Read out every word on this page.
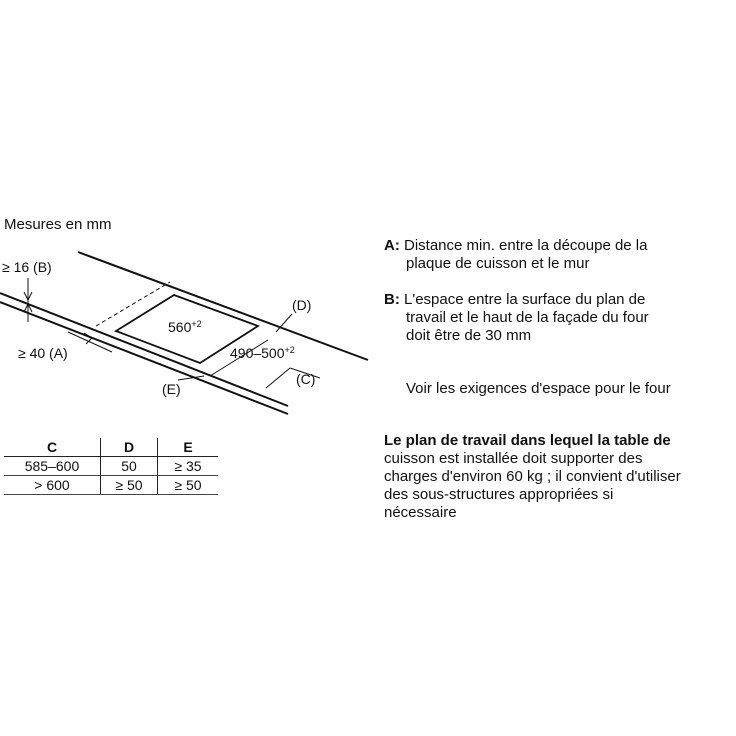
Mesures en mm
≥ 16 (B)
≥ 40 (A)
(D)
(C)
(E)
$560^{+2}$
$490-500^{+2}$
C	D	E
585–600	50	≥ 35
> 600	≥ 50	≥ 50
A: Distance min. entre la découpe de la
plaque de cuisson et le mur
B: L'espace entre la surface du plan de
travail et le haut de la façade du four
doit être de 30 mm
Voir les exigences d'espace pour le four
Le plan de travail dans lequel la table de
cuisson est installée doit supporter des
charges d'environ 60 kg ; il convient d'utiliser
des sous-structures appropriées si
nécessaire
